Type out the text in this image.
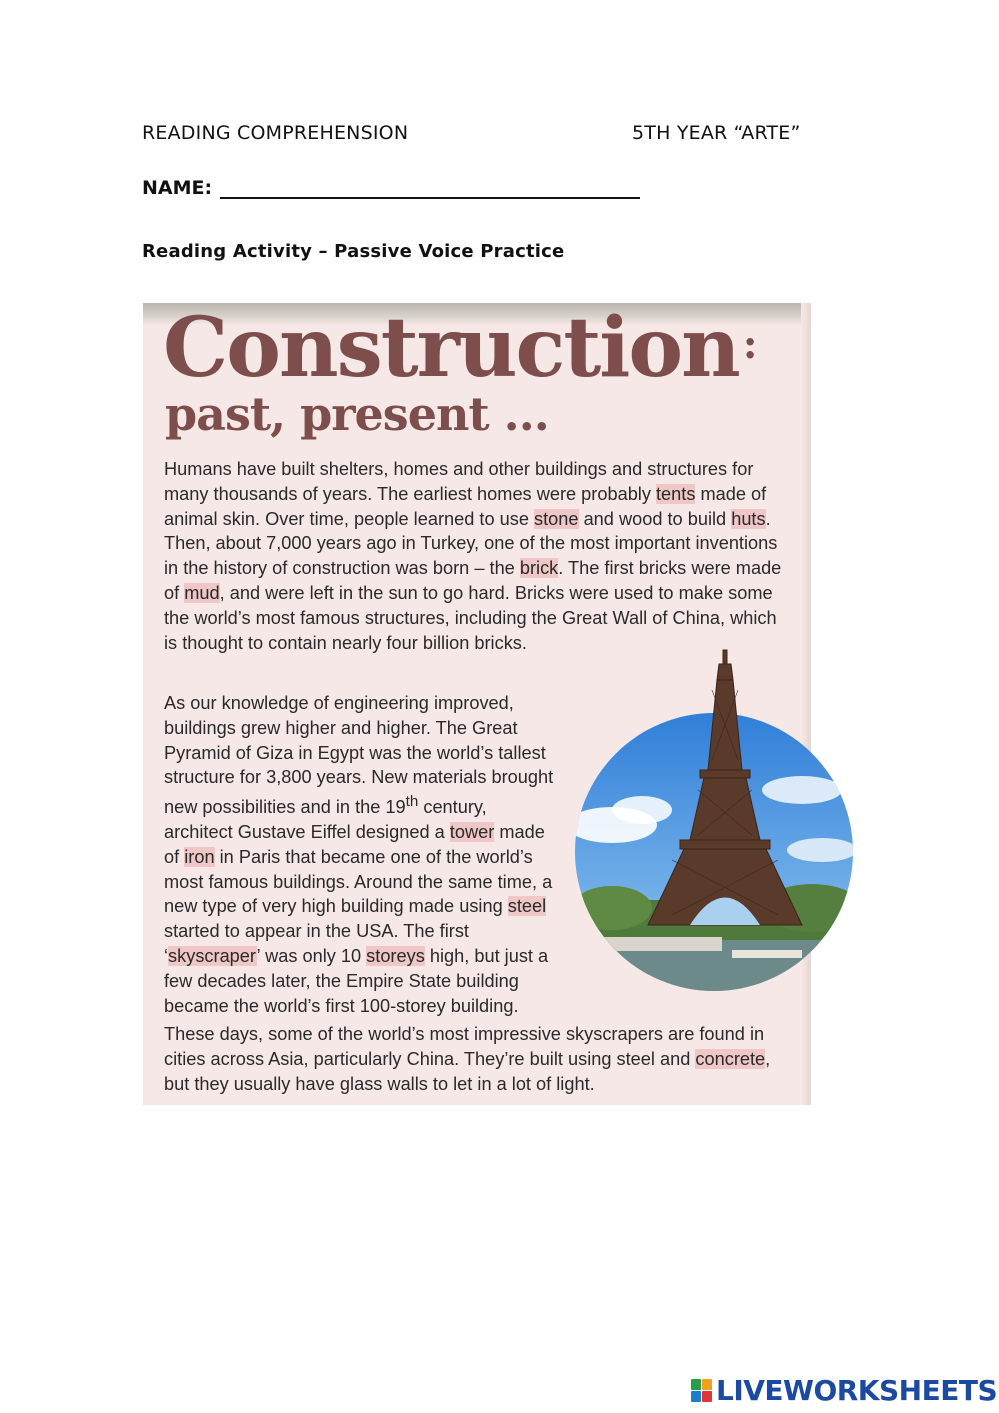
READING COMPREHENSION	5TH YEAR “ARTE”
NAME:
Reading Activity – Passive Voice Practice
Construction :
past, present ...
Humans have built shelters, homes and other buildings and structures for many thousands of years. The earliest homes were probably tents made of animal skin. Over time, people learned to use stone and wood to build huts. Then, about 7,000 years ago in Turkey, one of the most important inventions in the history of construction was born – the brick. The first bricks were made of mud, and were left in the sun to go hard. Bricks were used to make some the world’s most famous structures, including the Great Wall of China, which is thought to contain nearly four billion bricks.
As our knowledge of engineering improved, buildings grew higher and higher. The Great Pyramid of Giza in Egypt was the world’s tallest structure for 3,800 years. New materials brought new possibilities and in the 19th century, architect Gustave Eiffel designed a tower made of iron in Paris that became one of the world’s most famous buildings. Around the same time, a new type of very high building made using steel started to appear in the USA. The first ‘skyscraper’ was only 10 storeys high, but just a few decades later, the Empire State building became the world’s first 100-storey building.
These days, some of the world’s most impressive skyscrapers are found in cities across Asia, particularly China. They’re built using steel and concrete, but they usually have glass walls to let in a lot of light.
LIVEWORKSHEETS
